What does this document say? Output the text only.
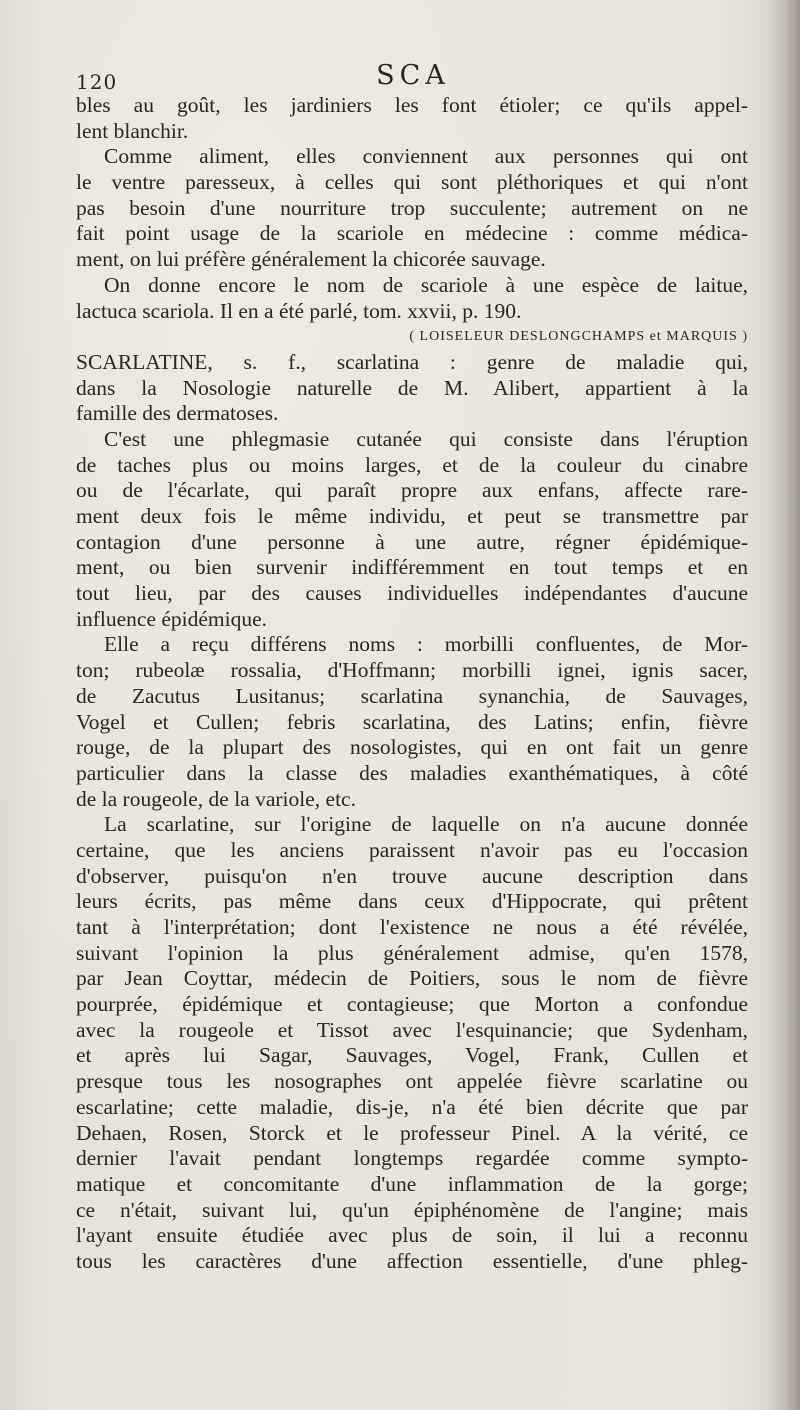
120	SCA
bles au goût, les jardiniers les font étioler; ce qu'ils appel-
lent blanchir.
Comme aliment, elles conviennent aux personnes qui ont
le ventre paresseux, à celles qui sont pléthoriques et qui n'ont
pas besoin d'une nourriture trop succulente; autrement on ne
fait point usage de la scariole en médecine : comme médica-
ment, on lui préfère généralement la chicorée sauvage.
On donne encore le nom de scariole à une espèce de laitue,
lactuca scariola. Il en a été parlé, tom. xxvii, p. 190.
( LOISELEUR DESLONGCHAMPS et MARQUIS )
SCARLATINE, s. f., scarlatina : genre de maladie qui,
dans la Nosologie naturelle de M. Alibert, appartient à la
famille des dermatoses.
C'est une phlegmasie cutanée qui consiste dans l'éruption
de taches plus ou moins larges, et de la couleur du cinabre
ou de l'écarlate, qui paraît propre aux enfans, affecte rare-
ment deux fois le même individu, et peut se transmettre par
contagion d'une personne à une autre, régner épidémique-
ment, ou bien survenir indifféremment en tout temps et en
tout lieu, par des causes individuelles indépendantes d'aucune
influence épidémique.
Elle a reçu différens noms : morbilli confluentes, de Mor-
ton; rubeolæ rossalia, d'Hoffmann; morbilli ignei, ignis sacer,
de Zacutus Lusitanus; scarlatina synanchia, de Sauvages,
Vogel et Cullen; febris scarlatina, des Latins; enfin, fièvre
rouge, de la plupart des nosologistes, qui en ont fait un genre
particulier dans la classe des maladies exanthématiques, à côté
de la rougeole, de la variole, etc.
La scarlatine, sur l'origine de laquelle on n'a aucune donnée
certaine, que les anciens paraissent n'avoir pas eu l'occasion
d'observer, puisqu'on n'en trouve aucune description dans
leurs écrits, pas même dans ceux d'Hippocrate, qui prêtent
tant à l'interprétation; dont l'existence ne nous a été révélée,
suivant l'opinion la plus généralement admise, qu'en 1578,
par Jean Coyttar, médecin de Poitiers, sous le nom de fièvre
pourprée, épidémique et contagieuse; que Morton a confondue
avec la rougeole et Tissot avec l'esquinancie; que Sydenham,
et après lui Sagar, Sauvages, Vogel, Frank, Cullen et
presque tous les nosographes ont appelée fièvre scarlatine ou
escarlatine; cette maladie, dis-je, n'a été bien décrite que par
Dehaen, Rosen, Storck et le professeur Pinel. A la vérité, ce
dernier l'avait pendant longtemps regardée comme sympto-
matique et concomitante d'une inflammation de la gorge;
ce n'était, suivant lui, qu'un épiphénomène de l'angine; mais
l'ayant ensuite étudiée avec plus de soin, il lui a reconnu
tous les caractères d'une affection essentielle, d'une phleg-
